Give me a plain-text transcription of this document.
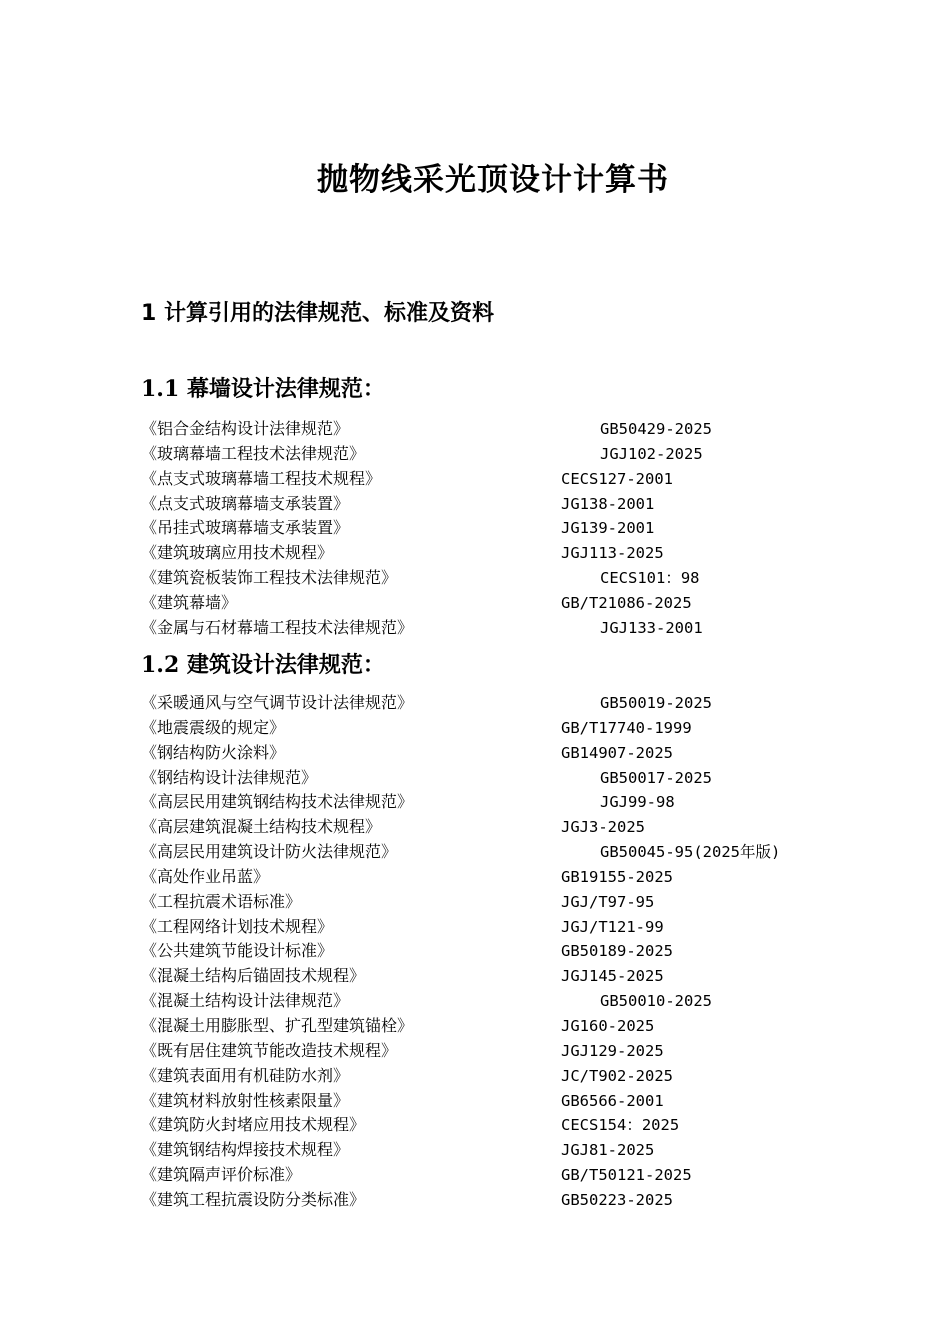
抛物线采光顶设计计算书
1 计算引用的法律规范、标准及资料
1.1 幕墙设计法律规范：
《铝合金结构设计法律规范》	GB50429-2025
《玻璃幕墙工程技术法律规范》	JGJ102-2025
《点支式玻璃幕墙工程技术规程》	CECS127-2001
《点支式玻璃幕墙支承装置》	JG138-2001
《吊挂式玻璃幕墙支承装置》	JG139-2001
《建筑玻璃应用技术规程》	JGJ113-2025
《建筑瓷板装饰工程技术法律规范》	CECS101：98
《建筑幕墙》	GB/T21086-2025
《金属与石材幕墙工程技术法律规范》	JGJ133-2001
1.2 建筑设计法律规范：
《采暖通风与空气调节设计法律规范》	GB50019-2025
《地震震级的规定》	GB/T17740-1999
《钢结构防火涂料》	GB14907-2025
《钢结构设计法律规范》	GB50017-2025
《高层民用建筑钢结构技术法律规范》	JGJ99-98
《高层建筑混凝土结构技术规程》	JGJ3-2025
《高层民用建筑设计防火法律规范》	GB50045-95(2025年版)
《高处作业吊蓝》	GB19155-2025
《工程抗震术语标准》	JGJ/T97-95
《工程网络计划技术规程》	JGJ/T121-99
《公共建筑节能设计标准》	GB50189-2025
《混凝土结构后锚固技术规程》	JGJ145-2025
《混凝土结构设计法律规范》	GB50010-2025
《混凝土用膨胀型、扩孔型建筑锚栓》	JG160-2025
《既有居住建筑节能改造技术规程》	JGJ129-2025
《建筑表面用有机硅防水剂》	JC/T902-2025
《建筑材料放射性核素限量》	GB6566-2001
《建筑防火封堵应用技术规程》	CECS154：2025
《建筑钢结构焊接技术规程》	JGJ81-2025
《建筑隔声评价标准》	GB/T50121-2025
《建筑工程抗震设防分类标准》	GB50223-2025
